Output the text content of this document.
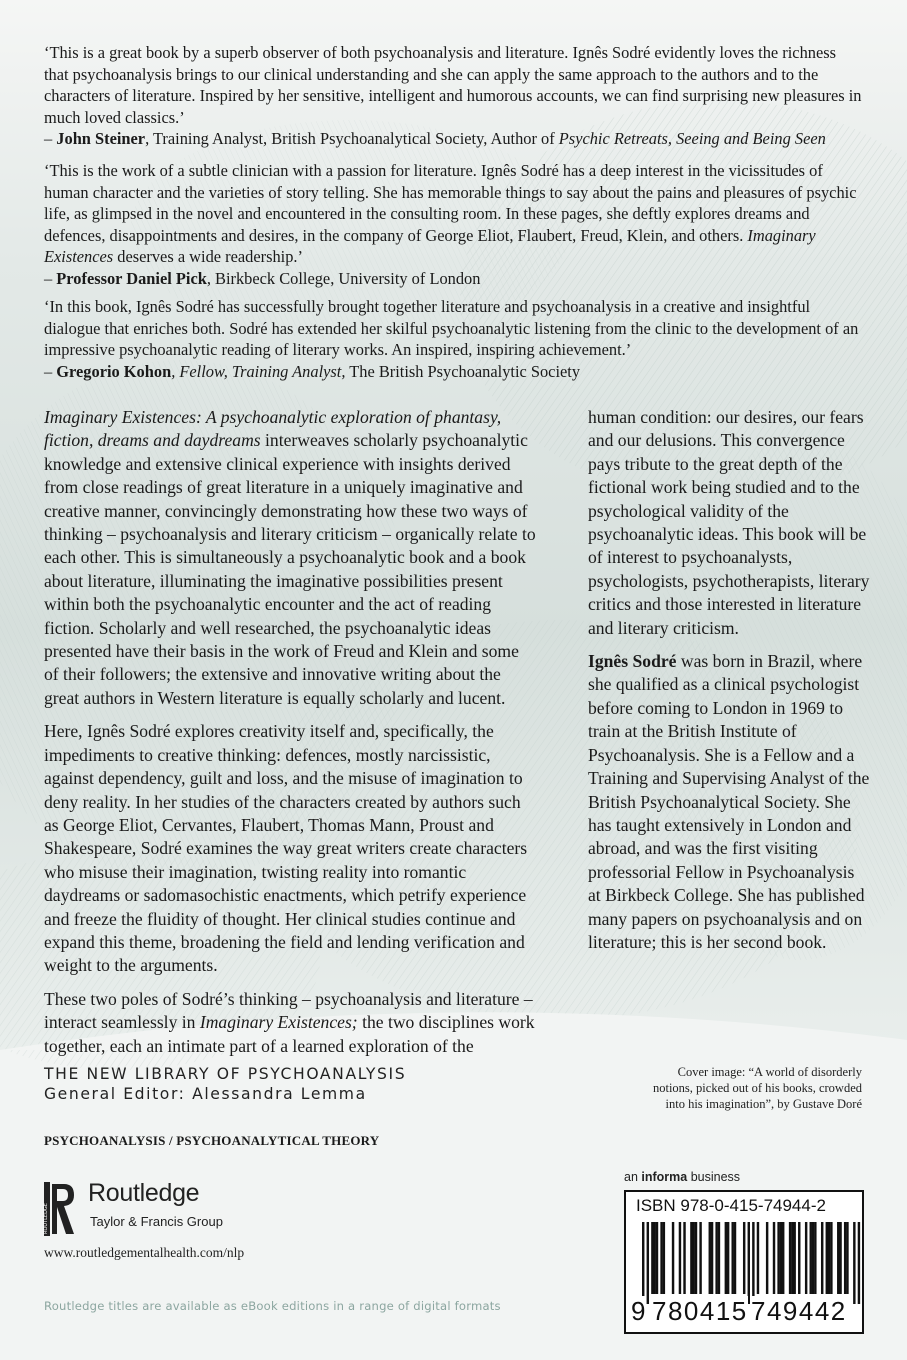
‘This is a great book by a superb observer of both psychoanalysis and literature. Ignês Sodré evidently loves the richness that psychoanalysis brings to our clinical understanding and she can apply the same approach to the authors and to the characters of literature. Inspired by her sensitive, intelligent and humorous accounts, we can find surprising new pleasures in much loved classics.’

– John Steiner, Training Analyst, British Psychoanalytical Society, Author of Psychic Retreats, Seeing and Being Seen

‘This is the work of a subtle clinician with a passion for literature. Ignês Sodré has a deep interest in the vicissitudes of human character and the varieties of story telling. She has memorable things to say about the pains and pleasures of psychic life, as glimpsed in the novel and encountered in the consulting room. In these pages, she deftly explores dreams and defences, disappointments and desires, in the company of George Eliot, Flaubert, Freud, Klein, and others. Imaginary Existences deserves a wide readership.’

– Professor Daniel Pick, Birkbeck College, University of London

‘In this book, Ignês Sodré has successfully brought together literature and psychoanalysis in a creative and insightful dialogue that enriches both. Sodré has extended her skilful psychoanalytic listening from the clinic to the development of an impressive psychoanalytic reading of literary works. An inspired, inspiring achievement.’

– Gregorio Kohon, Fellow, Training Analyst, The British Psychoanalytic Society

Imaginary Existences: A psychoanalytic exploration of phantasy, fiction, dreams and daydreams interweaves scholarly psychoanalytic knowledge and extensive clinical experience with insights derived from close readings of great literature in a uniquely imaginative and creative manner, convincingly demonstrating how these two ways of thinking – psychoanalysis and literary criticism – organically relate to each other. This is simultaneously a psychoanalytic book and a book about literature, illuminating the imaginative possibilities present within both the psychoanalytic encounter and the act of reading fiction. Scholarly and well researched, the psychoanalytic ideas presented have their basis in the work of Freud and Klein and some of their followers; the extensive and innovative writing about the great authors in Western literature is equally scholarly and lucent.

Here, Ignês Sodré explores creativity itself and, specifically, the impediments to creative thinking: defences, mostly narcissistic, against dependency, guilt and loss, and the misuse of imagination to deny reality. In her studies of the characters created by authors such as George Eliot, Cervantes, Flaubert, Thomas Mann, Proust and Shakespeare, Sodré examines the way great writers create characters who misuse their imagination, twisting reality into romantic daydreams or sadomasochistic enactments, which petrify experience and freeze the fluidity of thought. Her clinical studies continue and expand this theme, broadening the field and lending verification and weight to the arguments.

These two poles of Sodré’s thinking – psychoanalysis and literature – interact seamlessly in Imaginary Existences; the two disciplines work together, each an intimate part of a learned exploration of the

human condition: our desires, our fears and our delusions. This convergence pays tribute to the great depth of the fictional work being studied and to the psychological validity of the psychoanalytic ideas. This book will be of interest to psychoanalysts, psychologists, psychotherapists, literary critics and those interested in literature and literary criticism.

Ignês Sodré was born in Brazil, where she qualified as a clinical psychologist before coming to London in 1969 to train at the British Institute of Psychoanalysis. She is a Fellow and a Training and Supervising Analyst of the British Psychoanalytical Society. She has taught extensively in London and abroad, and was the first visiting professorial Fellow in Psychoanalysis at Birkbeck College. She has published many papers on psychoanalysis and on literature; this is her second book.

THE NEW LIBRARY OF PSYCHOANALYSIS
General Editor: Alessandra Lemma
Cover image: “A world of disorderly notions, picked out of his books, crowded into his imagination”, by Gustave Doré
PSYCHOANALYSIS / PSYCHOANALYTICAL THEORY
ROUTLEDGE
Routledge
Taylor & Francis Group
www.routledgementalhealth.com/nlp
Routledge titles are available as eBook editions in a range of digital formats
an informa business
ISBN 978-0-415-74944-2
9 780415 749442
